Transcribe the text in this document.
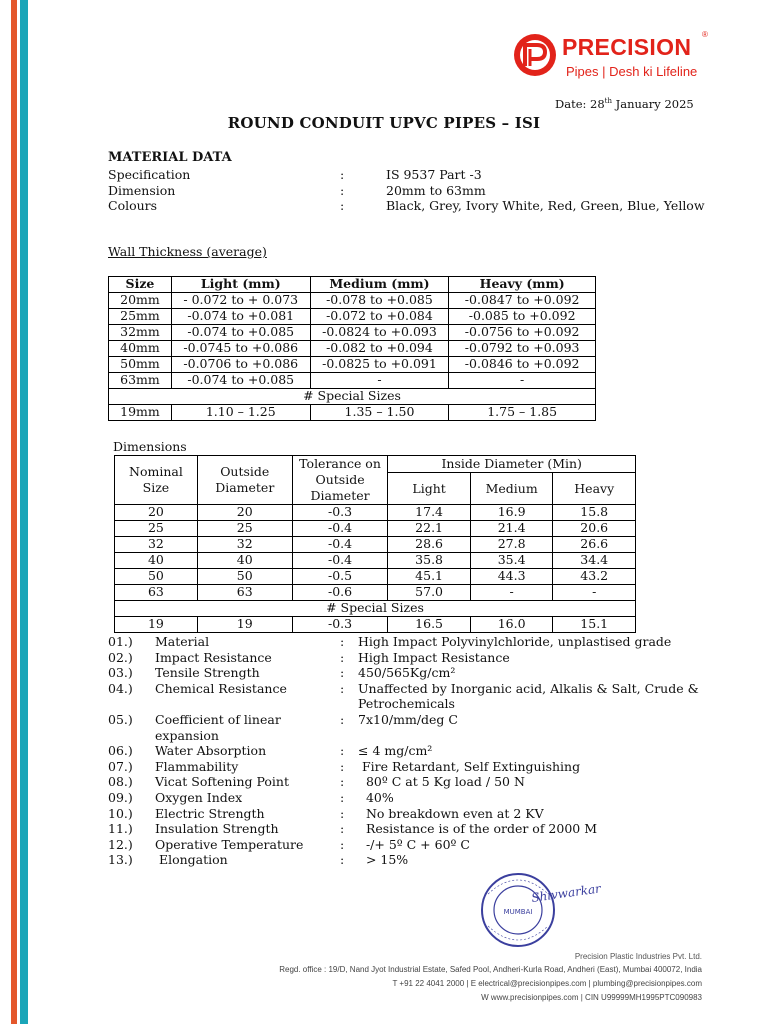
PRECISION ®
Pipes | Desh ki Lifeline
Date: 28th January 2025
ROUND CONDUIT UPVC PIPES – ISI
MATERIAL DATA
Specification	:	IS 9537 Part -3
Dimension	:	20mm to 63mm
Colours	:	Black, Grey, Ivory White, Red, Green, Blue, Yellow
Wall Thickness (average)
Size	Light (mm)	Medium (mm)	Heavy (mm)
20mm	- 0.072 to + 0.073	-0.078 to +0.085	-0.0847 to +0.092
25mm	-0.074 to +0.081	-0.072 to +0.084	-0.085 to +0.092
32mm	-0.074 to +0.085	-0.0824 to +0.093	-0.0756 to +0.092
40mm	-0.0745 to +0.086	-0.082 to +0.094	-0.0792 to +0.093
50mm	-0.0706 to +0.086	-0.0825 to +0.091	-0.0846 to +0.092
63mm	-0.074 to +0.085	-	-
# Special Sizes			
19mm	1.10 – 1.25	1.35 – 1.50	1.75 – 1.85
Dimensions
Nominal Size	Outside Diameter	Tolerance on Outside Diameter	Inside Diameter (Min)		
			Light	Medium	Heavy
20	20	-0.3	17.4	16.9	15.8
25	25	-0.4	22.1	21.4	20.6
32	32	-0.4	28.6	27.8	26.6
40	40	-0.4	35.8	35.4	34.4
50	50	-0.5	45.1	44.3	43.2
63	63	-0.6	57.0	-	-
# Special Sizes					
19	19	-0.3	16.5	16.0	15.1
01.) Material	: High Impact Polyvinylchloride, unplastised grade
02.) Impact Resistance	: High Impact Resistance
03.) Tensile Strength	: 450/565Kg/cm²
04.) Chemical Resistance	: Unaffected by Inorganic acid, Alkalis & Salt, Crude & Petrochemicals
05.) Coefficient of linear expansion
: 7x10/mm/deg C
06.) Water Absorption	: ≤ 4 mg/cm²
07.) Flammability	: Fire Retardant, Self Extinguishing
08.) Vicat Softening Point	: 80º C at 5 Kg load / 50 N
09.) Oxygen Index	: 40%
10.) Electric Strength	: No breakdown even at 2 KV
11.) Insulation Strength	: Resistance is of the order of 2000 M
12.) Operative Temperature	: -/+ 5º C + 60º C
13.) Elongation	: > 15%
MUMBAI
Shivwarkar
Precision Plastic Industries Pvt. Ltd.
Regd. office : 19/D, Nand Jyot Industrial Estate, Safed Pool, Andheri-Kurla Road, Andheri (East), Mumbai 400072, India
T +91 22 4041 2000 | E electrical@precisionpipes.com | plumbing@precisionpipes.com
W www.precisionpipes.com | CIN U99999MH1995PTC090983
